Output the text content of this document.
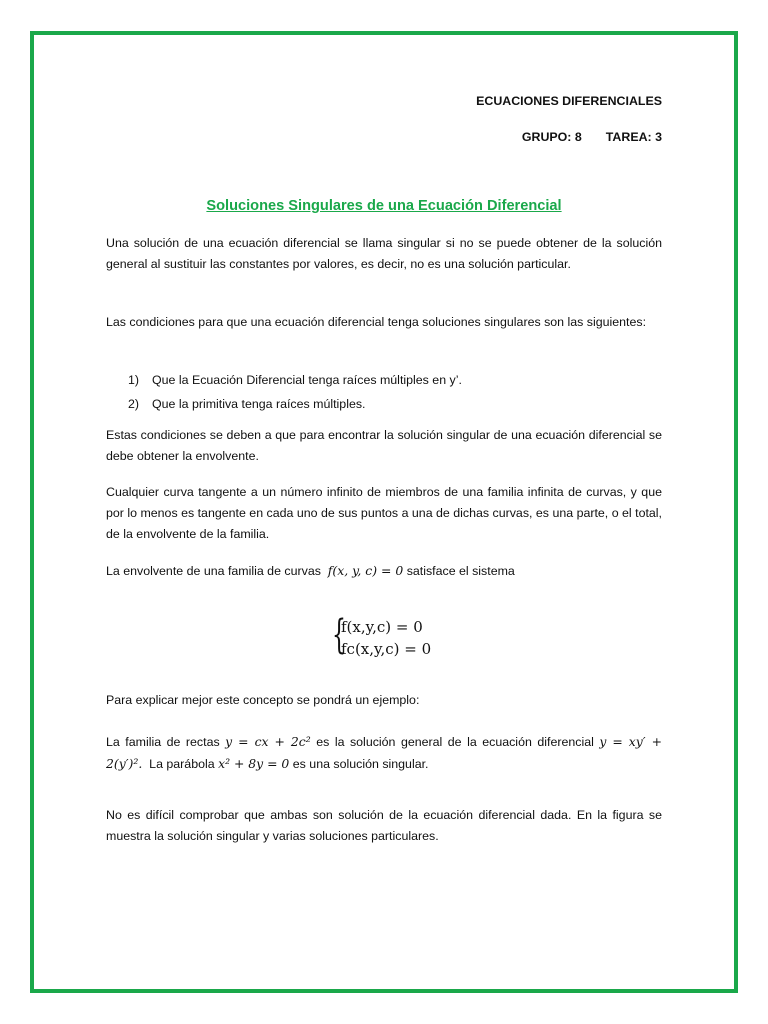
ECUACIONES DIFERENCIALES
GRUPO: 8 TAREA: 3
Soluciones Singulares de una Ecuación Diferencial

Una solución de una ecuación diferencial se llama singular si no se puede obtener de la solución general al sustituir las constantes por valores, es decir, no es una solución particular.

Las condiciones para que una ecuación diferencial tenga soluciones singulares son las siguientes:

1) Que la Ecuación Diferencial tenga raíces múltiples en y’.
2) Que la primitiva tenga raíces múltiples.

Estas condiciones se deben a que para encontrar la solución singular de una ecuación diferencial se debe obtener la envolvente.

Cualquier curva tangente a un número infinito de miembros de una familia infinita de curvas, y que por lo menos es tangente en cada uno de sus puntos a una de dichas curvas, es una parte, o el total, de la envolvente de la familia.

La envolvente de una familia de curvas f(x, y, c) = 0 satisface el sistema

{
f(x,y,c) = 0
fc(x,y,c) = 0

Para explicar mejor este concepto se pondrá un ejemplo:

La familia de rectas y = cx + 2c² es la solución general de la ecuación diferencial y = xy′ + 2(y′)². La parábola x² + 8y = 0 es una solución singular.

No es difícil comprobar que ambas son solución de la ecuación diferencial dada. En la figura se muestra la solución singular y varias soluciones particulares.
